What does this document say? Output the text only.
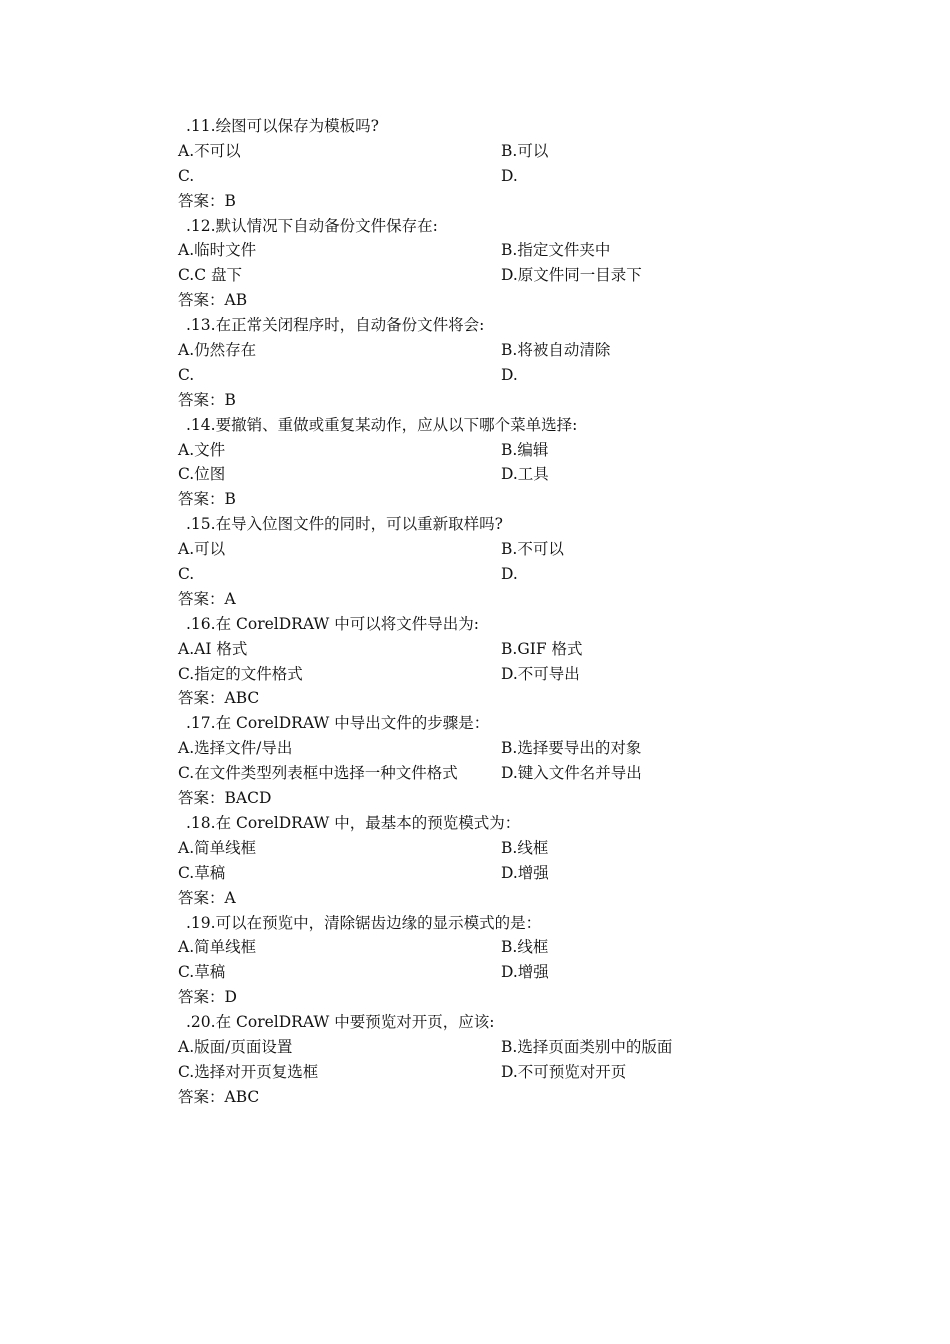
.11.绘图可以保存为模板吗?
A.不可以	B.可以
C.	D.
答案：B
.12.默认情况下自动备份文件保存在:
A.临时文件	B.指定文件夹中
C.C 盘下	D.原文件同一目录下
答案：AB
.13.在正常关闭程序时，自动备份文件将会:
A.仍然存在	B.将被自动清除
C.	D.
答案：B
.14.要撤销、重做或重复某动作，应从以下哪个菜单选择:
A.文件	B.编辑
C.位图	D.工具
答案：B
.15.在导入位图文件的同时，可以重新取样吗?
A.可以	B.不可以
C.	D.
答案：A
.16.在 CorelDRAW 中可以将文件导出为:
A.AI 格式	B.GIF 格式
C.指定的文件格式	D.不可导出
答案：ABC
.17.在 CorelDRAW 中导出文件的步骤是：
A.选择文件/导出	B.选择要导出的对象
C.在文件类型列表框中选择一种文件格式	D.键入文件名并导出
答案：BACD
.18.在 CorelDRAW 中，最基本的预览模式为：
A.简单线框	B.线框
C.草稿	D.增强
答案：A
.19.可以在预览中，清除锯齿边缘的显示模式的是：
A.简单线框	B.线框
C.草稿	D.增强
答案：D
.20.在 CorelDRAW 中要预览对开页，应该:
A.版面/页面设置	B.选择页面类别中的版面
C.选择对开页复选框	D.不可预览对开页
答案：ABC
